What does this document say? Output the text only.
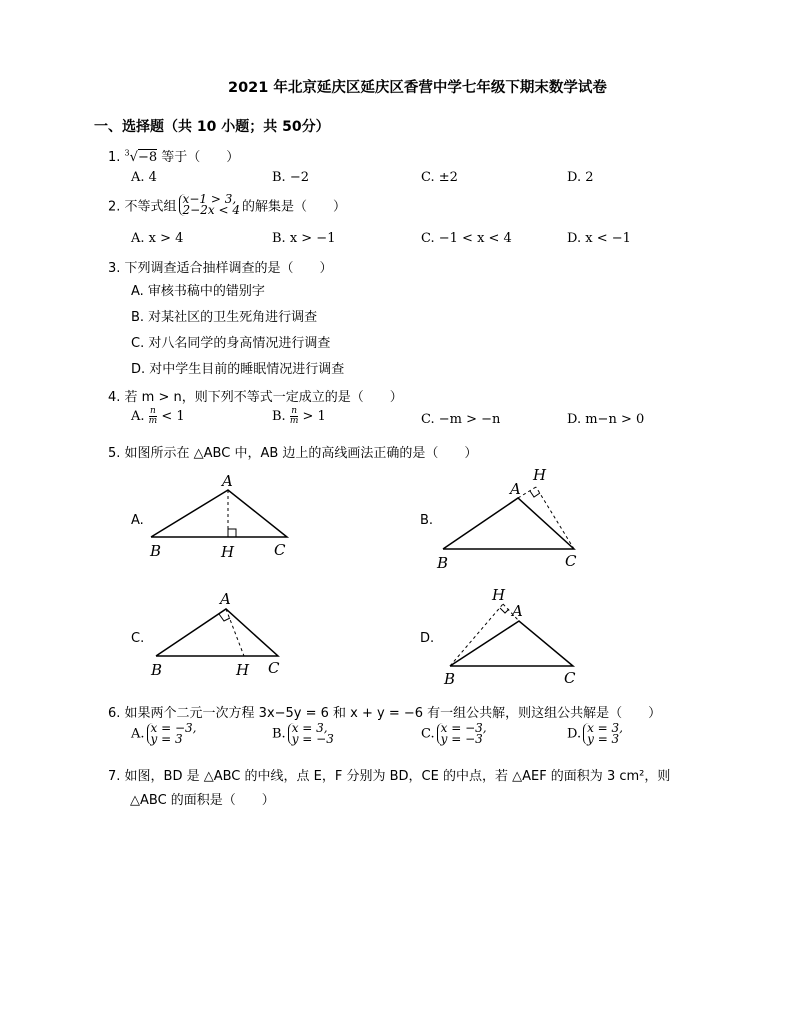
2021 年北京延庆区延庆区香营中学七年级下期末数学试卷
一、选择题（共 10 小题；共 50分）
1. $^3$√−8 等于（　　）
A. 4	B. −2	C. ±2	D. 2
2. 不等式组
x−1 > 3,
2−2x < 4 的解集是（　　）
A. x > 4	B. x > −1	C. −1 < x < 4	D. x < −1
3. 下列调查适合抽样调查的是（　　）
A. 审核书稿中的错别字
B. 对某社区的卫生死角进行调查
C. 对八名同学的身高情况进行调查
D. 对中学生目前的睡眠情况进行调查
4. 若 m > n，则下列不等式一定成立的是（　　）
A. $\frac{n}{m} < 1$	B. $\frac{n}{m} > 1$	C. −m > −n	D. m−n > 0
5. 如图所示在 △ABC 中，AB 边上的高线画法正确的是（　　）
A.	B.
C.	D.
A
B	H	C
A
H
B	C
A
B	H C
H
A
B	C
6. 如果两个二元一次方程 3x−5y = 6 和 x + y = −6 有一组公共解，则这组公共解是（　　）
A. x = −3,
y = 3	B. x = 3,
y = −3	C. x = −3,
y = −3	D. x = 3,
y = 3
7. 如图，BD 是 △ABC 的中线，点 E，F 分别为 BD，CE 的中点，若 △AEF 的面积为 3 cm²，则
△ABC 的面积是（　　）
